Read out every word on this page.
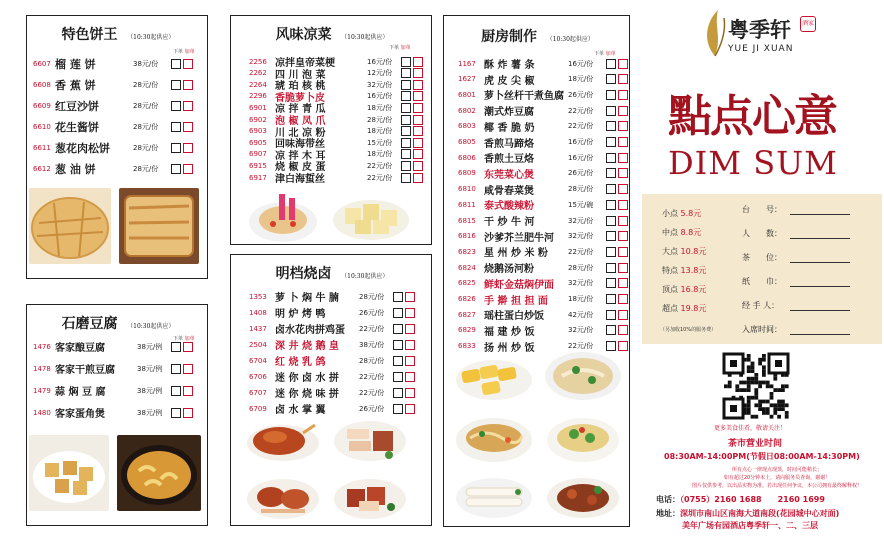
特色饼王 （10:30起供应）
下单 加单
6607 榴 莲 饼	38元/份
6608 香 蕉 饼	28元/份
6609 红豆沙饼	28元/份
6610 花生酱饼	28元/份
6611 葱花肉松饼	28元/份
6612 葱 油 饼	28元/份
石磨豆腐 （10:30起供应）
下单 加单
1476 客家酿豆腐	38元/例
1478 客家干煎豆腐	38元/例
1479 蒜 焖 豆 腐	38元/例
1480 客家蛋角煲	38元/例
风味凉菜 （10:30起供应）
下单 加单
2256 凉拌皇帝菜梗	16元/份
2262 四 川 泡 菜	12元/份
2264 琥 珀 核 桃	32元/份
2296 香脆萝卜皮	16元/份
6901 凉 拌 青 瓜	18元/份
6902 泡 椒 凤 爪	28元/份
6903 川 北 凉 粉	18元/份
6905 回味海带丝	15元/份
6907 凉 拌 木 耳	18元/份
6915 烧 椒 皮 蛋	22元/份
6917 津白海蜇丝	22元/份
明档烧卤 （10:30起供应）
1353 萝 卜 焖 牛 腩	28元/份
1408 明 炉 烤 鸭	26元/份
1437 卤水花肉拼鸡蛋	22元/份
2504 深 井 烧 鹅 皇	38元/份
6704 红 烧 乳 鸽	28元/份
6706 迷 你 卤 水 拼	22元/份
6707 迷 你 烧 味 拼	22元/份
6709 卤 水 掌 翼	26元/份
厨房制作 （10:30起供应）
下单 加单
1167 酥 炸 薯 条	16元/份
1627 虎 皮 尖 椒	18元/份
6801 萝卜丝杆干煮鱼腐 26元/份
6802 潮式炸豆腐	22元/份
6803 椰 香 脆 奶	22元/份
6805 香煎马蹄烙	16元/份
6806 香煎土豆烙	16元/份
6809 东莞菜心煲	26元/份
6810 咸骨春菜煲	28元/份
6811 泰式酸辣粉	15元/碗
6815 干 炒 牛 河	32元/份
6816 沙爹芥兰肥牛河	32元/份
6823 星 州 炒 米 粉	22元/份
6824 烧鹅汤河粉	28元/份
6825 鲜虾金菇焖伊面	32元/份
6826 手 擀 担 担 面	18元/份
6827 瑶柱蛋白炒饭	42元/份
6829 福 建 炒 饭	32元/份
6833 扬 州 炒 饭	22元/份
粤季轩	酒家
YUE JI XUAN
點点心意
DIM SUM
小点 5.8元
中点 8.8元
大点 10.8元
特点 13.8元
顶点 16.8元
超点 19.8元
（另加收10%的服务费）
台　　号：
人　　数：
茶　　位：
纸　　巾：
经 手 人：
入席时间：
更多美食佳肴，敬请关注！
茶市营业时间
08:30AM-14:00PM(节假日08:00AM-14:30PM)
所有点心一律现点现蒸，时间可能稍长；
如有超过20分钟未上，请向服务员查询，谢谢！
图片仅供参考，以出品实物为准。若出现任何争议，本公司拥有最终解释权！
电话：（0755）2160 1688　　2160 1699
地址：深圳市南山区南海大道南段(花园城中心对面)
美年广场有园酒店粤季轩一、二、三层
